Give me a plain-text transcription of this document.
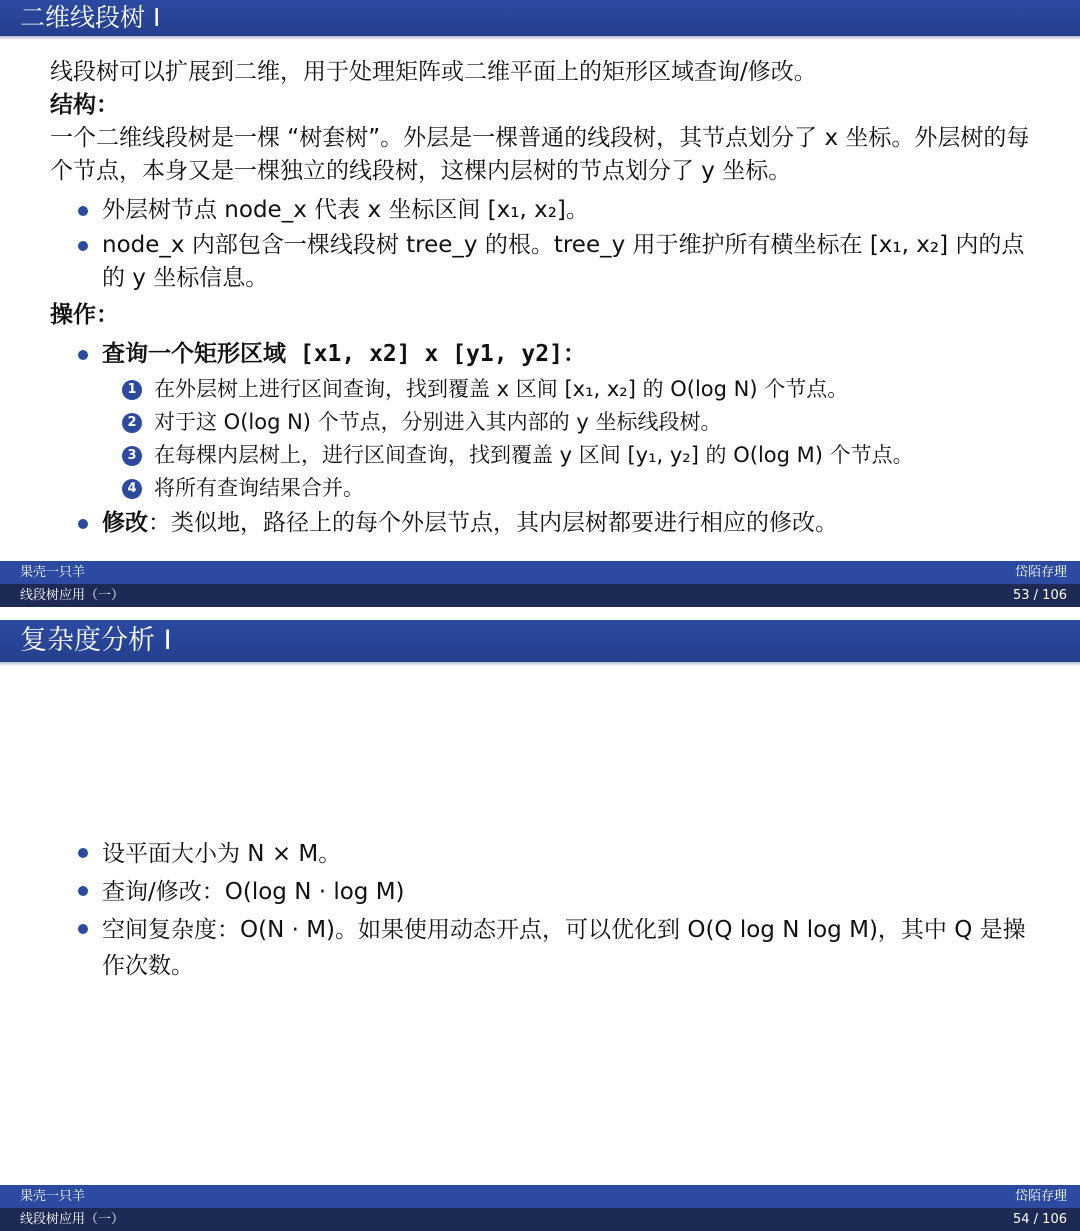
二维线段树 I

线段树可以扩展到二维，用于处理矩阵或二维平面上的矩形区域查询/修改。

结构：

一个二维线段树是一棵 “树套树”。外层是一棵普通的线段树，其节点划分了 x 坐标。外层树的每个节点，本身又是一棵独立的线段树，这棵内层树的节点划分了 y 坐标。

外层树节点 node_x 代表 x 坐标区间 [x₁, x₂]。
node_x 内部包含一棵线段树 tree_y 的根。tree_y 用于维护所有横坐标在 [x₁, x₂] 内的点的 y 坐标信息。

操作：

查询一个矩形区域 [x1, x2] x [y1, y2]：
1 在外层树上进行区间查询，找到覆盖 x 区间 [x₁, x₂] 的 O(log N) 个节点。
2 对于这 O(log N) 个节点，分别进入其内部的 y 坐标线段树。
3 在每棵内层树上，进行区间查询，找到覆盖 y 区间 [y₁, y₂] 的 O(log M) 个节点。
4 将所有查询结果合并。
修改：类似地，路径上的每个外层节点，其内层树都要进行相应的修改。
果壳一只羊
线段树应用（一）
岱陌存理
53 / 106
复杂度分析 I
设平面大小为 N × M。
查询/修改：O(log N · log M)
空间复杂度：O(N · M)。如果使用动态开点，可以优化到 O(Q log N log M)，其中 Q 是操作次数。
果壳一只羊
线段树应用（一）
岱陌存理
54 / 106
